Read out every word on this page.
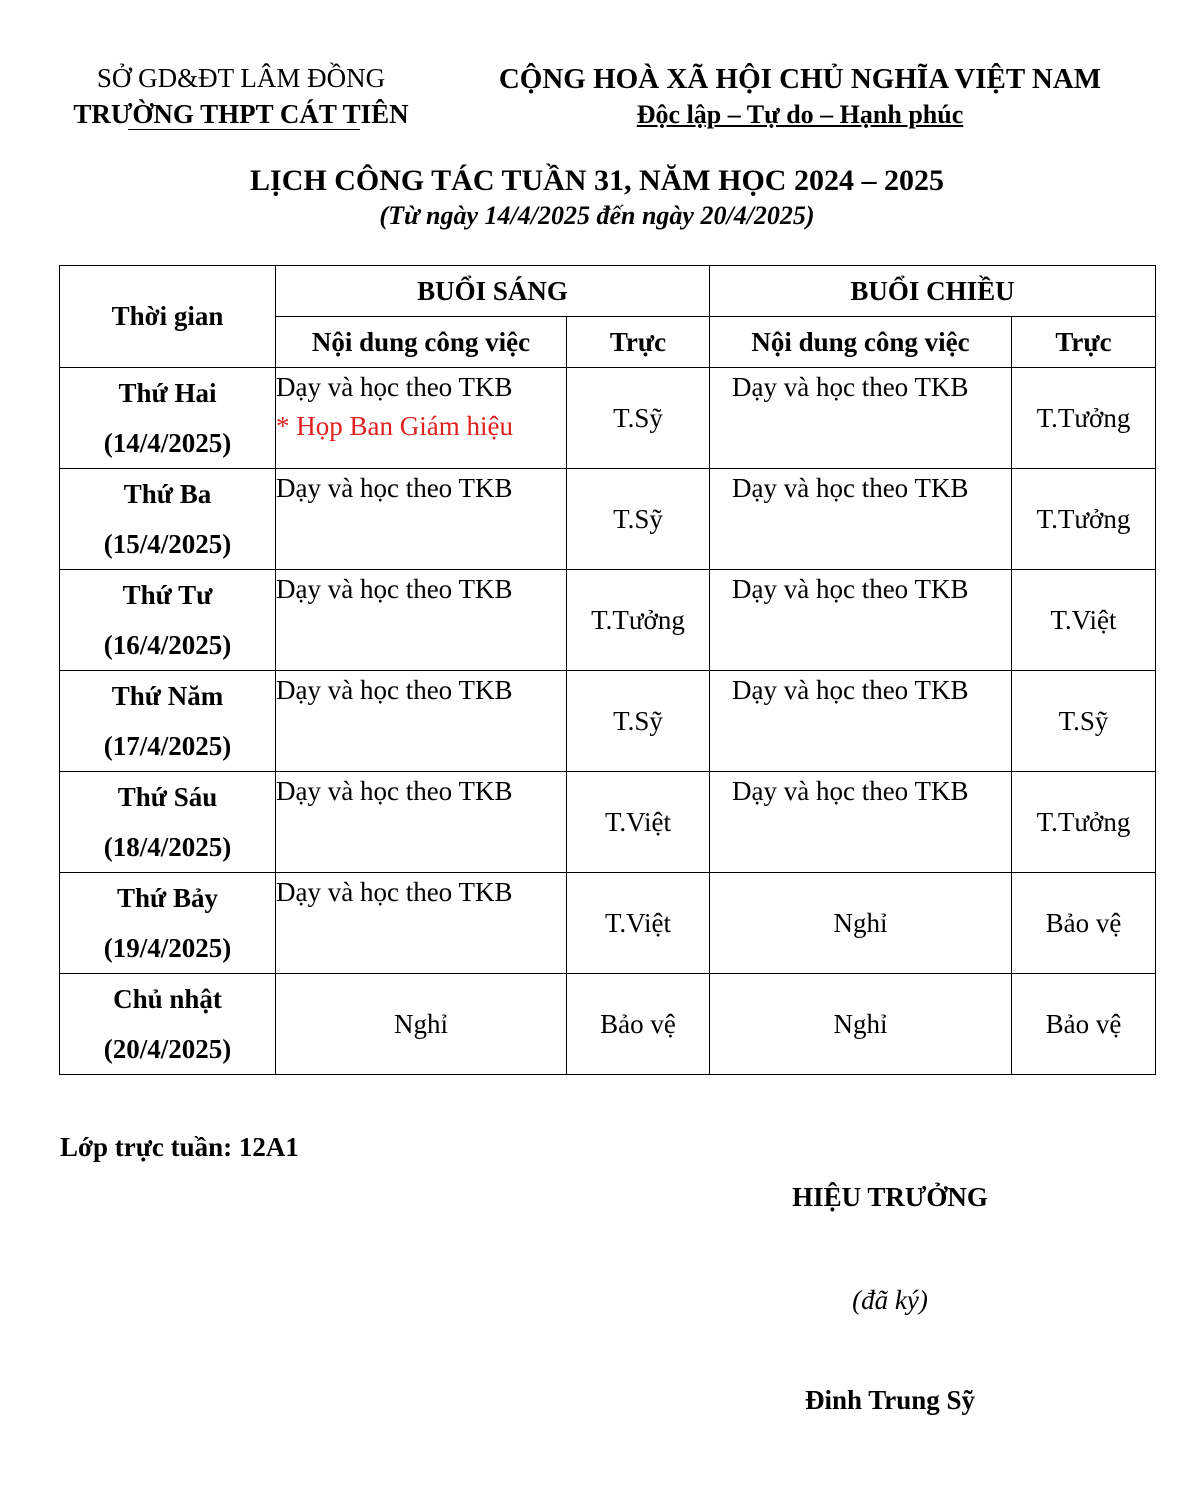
SỞ GD&ĐT LÂM ĐỒNG
TRƯỜNG THPT CÁT TIÊN
CỘNG HOÀ XÃ HỘI CHỦ NGHĨA VIỆT NAM
Độc lập – Tự do – Hạnh phúc
LỊCH CÔNG TÁC TUẦN 31, NĂM HỌC 2024 – 2025
(Từ ngày 14/4/2025 đến ngày 20/4/2025)
Thời gian	BUỔI SÁNG		BUỔI CHIỀU	
	Nội dung công việc	Trực	Nội dung công việc	Trực
Thứ Hai
(14/4/2025)	Dạy và học theo TKB
* Họp Ban Giám hiệu	T.Sỹ	Dạy và học theo TKB	T.Tưởng
Thứ Ba
(15/4/2025)	Dạy và học theo TKB	T.Sỹ	Dạy và học theo TKB	T.Tưởng
Thứ Tư
(16/4/2025)	Dạy và học theo TKB	T.Tưởng	Dạy và học theo TKB	T.Việt
Thứ Năm
(17/4/2025)	Dạy và học theo TKB	T.Sỹ	Dạy và học theo TKB	T.Sỹ
Thứ Sáu
(18/4/2025)	Dạy và học theo TKB	T.Việt	Dạy và học theo TKB	T.Tưởng
Thứ Bảy
(19/4/2025)	Dạy và học theo TKB	T.Việt	Nghỉ	Bảo vệ
Chủ nhật
(20/4/2025)	Nghỉ	Bảo vệ	Nghỉ	Bảo vệ
Lớp trực tuần: 12A1
HIỆU TRƯỞNG
(đã ký)
Đinh Trung Sỹ
